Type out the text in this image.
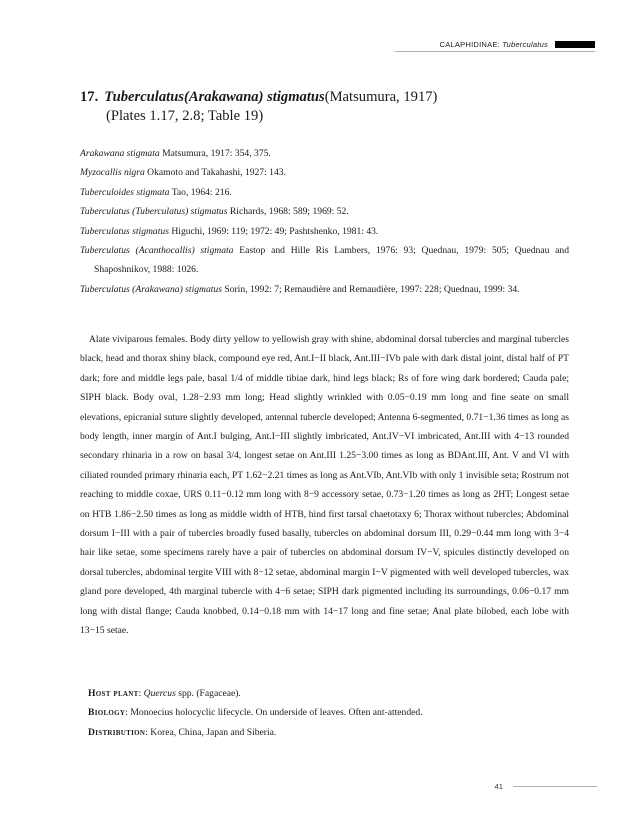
CALAPHIDINAE:
Tuberculatus
17. Tuberculatus(Arakawana) stigmatus(Matsumura, 1917)
(Plates 1.17, 2.8; Table 19)
Arakawana stigmata Matsumura, 1917: 354, 375.
Myzocallis nigra Okamoto and Takahashi, 1927: 143.
Tuberculoides stigmata Tao, 1964: 216.
Tuberculatus (Tuberculatus) stigmatus Richards, 1968: 589; 1969: 52.
Tuberculatus stigmatus Higuchi, 1969: 119; 1972: 49; Pashtshenko, 1981: 43.
Tuberculatus (Acanthocallis) stigmata Eastop and Hille Ris Lambers, 1976: 93; Quednau, 1979: 505; Quednau and Shaposhnikov, 1988: 1026.
Tuberculatus (Arakawana) stigmatus Sorin, 1992: 7; Remaudière and Remaudière, 1997: 228; Quednau, 1999: 34.

Alate viviparous females. Body dirty yellow to yellowish gray with shine, abdominal dorsal tubercles and marginal tubercles black, head and thorax shiny black, compound eye red, Ant.I−II black, Ant.III−IVb pale with dark distal joint, distal half of PT dark; fore and middle legs pale, basal 1/4 of middle tibiae dark, hind legs black; Rs of fore wing dark bordered; Cauda pale; SIPH black. Body oval, 1.28−2.93 mm long; Head slightly wrinkled with 0.05−0.19 mm long and fine seate on small elevations, epicranial suture slightly developed, antennal tubercle developed; Antenna 6-segmented, 0.71−1.36 times as long as body length, inner margin of Ant.I bulging, Ant.I−III slightly imbricated, Ant.IV−VI imbricated, Ant.III with 4−13 rounded secondary rhinaria in a row on basal 3/4, longest setae on Ant.III 1.25−3.00 times as long as BDAnt.III, Ant. V and VI with ciliated rounded primary rhinaria each, PT 1.62−2.21 times as long as Ant.VIb, Ant.VIb with only 1 invisible seta; Rostrum not reaching to middle coxae, URS 0.11−0.12 mm long with 8−9 accessory setae, 0.73−1.20 times as long as 2HT; Longest setae on HTB 1.86−2.50 times as long as middle width of HTB, hind first tarsal chaetotaxy 6; Thorax without tubercles; Abdominal dorsum I−III with a pair of tubercles broadly fused basally, tubercles on abdominal dorsum III, 0.29−0.44 mm long with 3−4 hair like setae, some specimens rarely have a pair of tubercles on abdominal dorsum IV−V, spicules distinctly developed on dorsal tubercles, abdominal tergite VIII with 8−12 setae, abdominal margin I−V pigmented with well developed tubercles, wax gland pore developed, 4th marginal tubercle with 4−6 setae; SIPH dark pigmented including its surroundings, 0.06−0.17 mm long with distal flange; Cauda knobbed, 0.14−0.18 mm with 14−17 long and fine setae; Anal plate bilobed, each lobe with 13−15 setae.

Host plant: Quercus spp. (Fagaceae).
Biology: Monoecius holocyclic lifecycle. On underside of leaves. Often ant-attended.
Distribution: Korea, China, Japan and Siberia.
41
